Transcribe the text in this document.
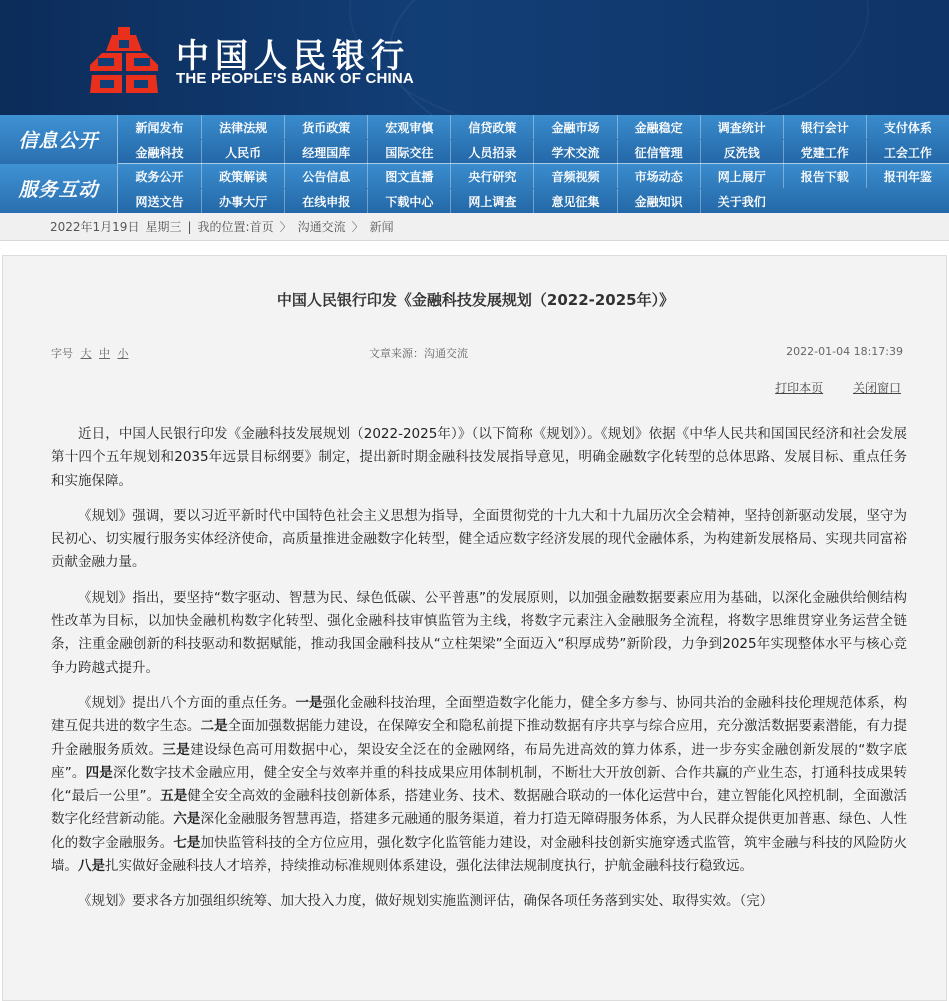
中国人民银行
THE PEOPLE'S BANK OF CHINA
信息公开
新闻发布	法律法规	货币政策	宏观审慎	信贷政策	金融市场	金融稳定	调查统计	银行会计	支付体系
金融科技	人民币	经理国库	国际交往	人员招录	学术交流	征信管理	反洗钱	党建工作	工会工作
服务互动
政务公开	政策解读	公告信息	图文直播	央行研究	音频视频	市场动态	网上展厅	报告下载	报刊年鉴
网送文告	办事大厅	在线申报	下载中心	网上调查	意见征集	金融知识	关于我们
2022年1月19日 星期三 | 我的位置: 首页 〉 沟通交流 〉 新闻
中国人民银行印发《金融科技发展规划（2022-2025年）》
字号 大 中 小	文章来源：沟通交流	2022-01-04 18:17:39
打印本页 关闭窗口

近日，中国人民银行印发《金融科技发展规划（2022-2025年）》（以下简称《规划》）。《规划》依据《中华人民共和国国民经济和社会发展第十四个五年规划和2035年远景目标纲要》制定，提出新时期金融科技发展指导意见，明确金融数字化转型的总体思路、发展目标、重点任务和实施保障。

《规划》强调，要以习近平新时代中国特色社会主义思想为指导，全面贯彻党的十九大和十九届历次全会精神，坚持创新驱动发展，坚守为民初心、切实履行服务实体经济使命，高质量推进金融数字化转型，健全适应数字经济发展的现代金融体系，为构建新发展格局、实现共同富裕贡献金融力量。

《规划》指出，要坚持“数字驱动、智慧为民、绿色低碳、公平普惠”的发展原则，以加强金融数据要素应用为基础，以深化金融供给侧结构性改革为目标，以加快金融机构数字化转型、强化金融科技审慎监管为主线，将数字元素注入金融服务全流程，将数字思维贯穿业务运营全链条，注重金融创新的科技驱动和数据赋能，推动我国金融科技从“立柱架梁”全面迈入“积厚成势”新阶段，力争到2025年实现整体水平与核心竞争力跨越式提升。

《规划》提出八个方面的重点任务。一是强化金融科技治理，全面塑造数字化能力，健全多方参与、协同共治的金融科技伦理规范体系，构建互促共进的数字生态。二是全面加强数据能力建设，在保障安全和隐私前提下推动数据有序共享与综合应用，充分激活数据要素潜能，有力提升金融服务质效。三是建设绿色高可用数据中心，架设安全泛在的金融网络，布局先进高效的算力体系，进一步夯实金融创新发展的“数字底座”。四是深化数字技术金融应用，健全安全与效率并重的科技成果应用体制机制，不断壮大开放创新、合作共赢的产业生态，打通科技成果转化“最后一公里”。五是健全安全高效的金融科技创新体系，搭建业务、技术、数据融合联动的一体化运营中台，建立智能化风控机制，全面激活数字化经营新动能。六是深化金融服务智慧再造，搭建多元融通的服务渠道，着力打造无障碍服务体系，为人民群众提供更加普惠、绿色、人性化的数字金融服务。七是加快监管科技的全方位应用，强化数字化监管能力建设，对金融科技创新实施穿透式监管，筑牢金融与科技的风险防火墙。八是扎实做好金融科技人才培养，持续推动标准规则体系建设，强化法律法规制度执行，护航金融科技行稳致远。

《规划》要求各方加强组织统筹、加大投入力度，做好规划实施监测评估，确保各项任务落到实处、取得实效。（完）
